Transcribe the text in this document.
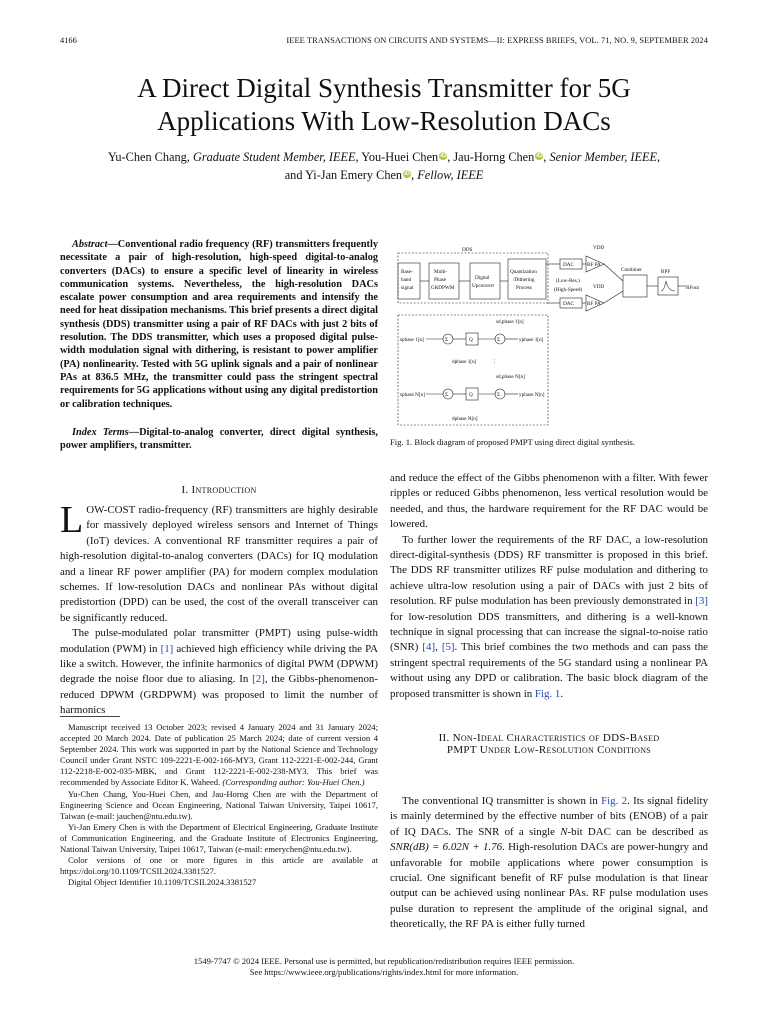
4166	IEEE TRANSACTIONS ON CIRCUITS AND SYSTEMS—II: EXPRESS BRIEFS, VOL. 71, NO. 9, SEPTEMBER 2024
A Direct Digital Synthesis Transmitter for 5G
Applications With Low-Resolution DACs
Yu-Chen Chang, Graduate Student Member, IEEE, You-Huei Chen iD, Jau-Horng Chen iD, Senior Member, IEEE,
and Yi-Jan Emery Chen iD, Fellow, IEEE
Abstract—Conventional radio frequency (RF) transmitters frequently necessitate a pair of high-resolution, high-speed digital-to-analog converters (DACs) to ensure a specific level of linearity in wireless communication systems. Nevertheless, the high-resolution DACs escalate power consumption and area requirements and intensify the need for heat dissipation mechanisms. This brief presents a direct digital synthesis (DDS) transmitter using a pair of RF DACs with just 2 bits of resolution. The DDS transmitter, which uses a proposed digital pulse-width modulation signal with dithering, is resistant to power amplifier (PA) nonlinearity. Tested with 5G uplink signals and a pair of nonlinear PAs at 836.5 MHz, the transmitter could pass the stringent spectral requirements for 5G applications without using any digital predistortion or calibration techniques.
Index Terms—Digital-to-analog converter, direct digital synthesis, power amplifiers, transmitter.
I. Introduction

LOW-COST radio-frequency (RF) transmitters are highly desirable for massively deployed wireless sensors and Internet of Things (IoT) devices. A conventional RF transmitter requires a pair of high-resolution digital-to-analog converters (DACs) for IQ modulation and a linear RF power amplifier (PA) for modern complex modulation schemes. If low-resolution DACs and nonlinear PAs without digital predistortion (DPD) can be used, the cost of the overall transceiver can be significantly reduced.

The pulse-modulated polar transmitter (PMPT) using pulse-width modulation (PWM) in [1] achieved high efficiency while driving the PA like a switch. However, the infinite harmonics of digital PWM (DPWM) degrade the noise floor due to aliasing. In [2], the Gibbs-phenomenon-reduced DPWM (GRDPWM) was proposed to limit the number of harmonics

Manuscript received 13 October 2023; revised 4 January 2024 and 31 January 2024; accepted 20 March 2024. Date of publication 25 March 2024; date of current version 4 September 2024. This work was supported in part by the National Science and Technology Council under Grant NSTC 109-2221-E-002-166-MY3, Grant 112-2221-E-002-244, Grant 112-2218-E-002-035-MBK, and Grant 112-2221-E-002-238-MY3. This brief was recommended by Associate Editor K. Waheed. (Corresponding author: You-Huei Chen.)

Yu-Chen Chang, You-Huei Chen, and Jau-Horng Chen are with the Department of Engineering Science and Ocean Engineering, National Taiwan University, Taipei 10617, Taiwan (e-mail: jauchen@ntu.edu.tw).

Yi-Jan Emery Chen is with the Department of Electrical Engineering, Graduate Institute of Communication Engineering, and the Graduate Institute of Electronics Engineering, National Taiwan University, Taipei 10617, Taiwan (e-mail: emerychen@ntu.edu.tw).

Color versions of one or more figures in this article are available at https://doi.org/10.1109/TCSII.2024.3381527.

Digital Object Identifier 10.1109/TCSII.2024.3381527

DDS
Base-
band
signal
Multi-
Phase
GRDPWM
Digital
Upconvert
Quantization
/Dithering
Process
DAC
DAC
(Low-Res.)
(High-Speed)
RF PA
RF PA
VDD
VDD
Combiner	BPF
RFout
sd,phase 1[n]
sphase 1[n]	Σ	Q	Σ	yphase 1[n]
dphase 1[n]	⋮
sd,phase N[n]
sphase N[n]	Σ	Q	Σ	yphase N[n]
dphase N[n]
Fig. 1. Block diagram of proposed PMPT using direct digital synthesis.

and reduce the effect of the Gibbs phenomenon with a filter. With fewer ripples or reduced Gibbs phenomenon, less vertical resolution would be needed, and thus, the hardware requirement for the RF DAC would be lowered.

To further lower the requirements of the RF DAC, a low-resolution direct-digital-synthesis (DDS) RF transmitter is proposed in this brief. The DDS RF transmitter utilizes RF pulse modulation and dithering to achieve ultra-low resolution using a pair of DACs with just 2 bits of resolution. RF pulse modulation has been previously demonstrated in [3] for low-resolution DDS transmitters, and dithering is a well-known technique in signal processing that can increase the signal-to-noise ratio (SNR) [4], [5]. This brief combines the two methods and can pass the stringent spectral requirements of the 5G standard using a nonlinear PA without using any DPD or calibration. The basic block diagram of the proposed transmitter is shown in Fig. 1.

II. Non-Ideal Characteristics of DDS-Based
PMPT Under Low-Resolution Conditions

The conventional IQ transmitter is shown in Fig. 2. Its signal fidelity is mainly determined by the effective number of bits (ENOB) of a pair of IQ DACs. The SNR of a single N-bit DAC can be described as SNR(dB) = 6.02N + 1.76. High-resolution DACs are power-hungry and unfavorable for mobile applications where power consumption is crucial. One significant benefit of RF pulse modulation is that linear output can be achieved using nonlinear PAs. RF pulse modulation uses pulse duration to represent the amplitude of the original signal, and theoretically, the RF PA is either fully turned

1549-7747 © 2024 IEEE. Personal use is permitted, but republication/redistribution requires IEEE permission.
See https://www.ieee.org/publications/rights/index.html for more information.
